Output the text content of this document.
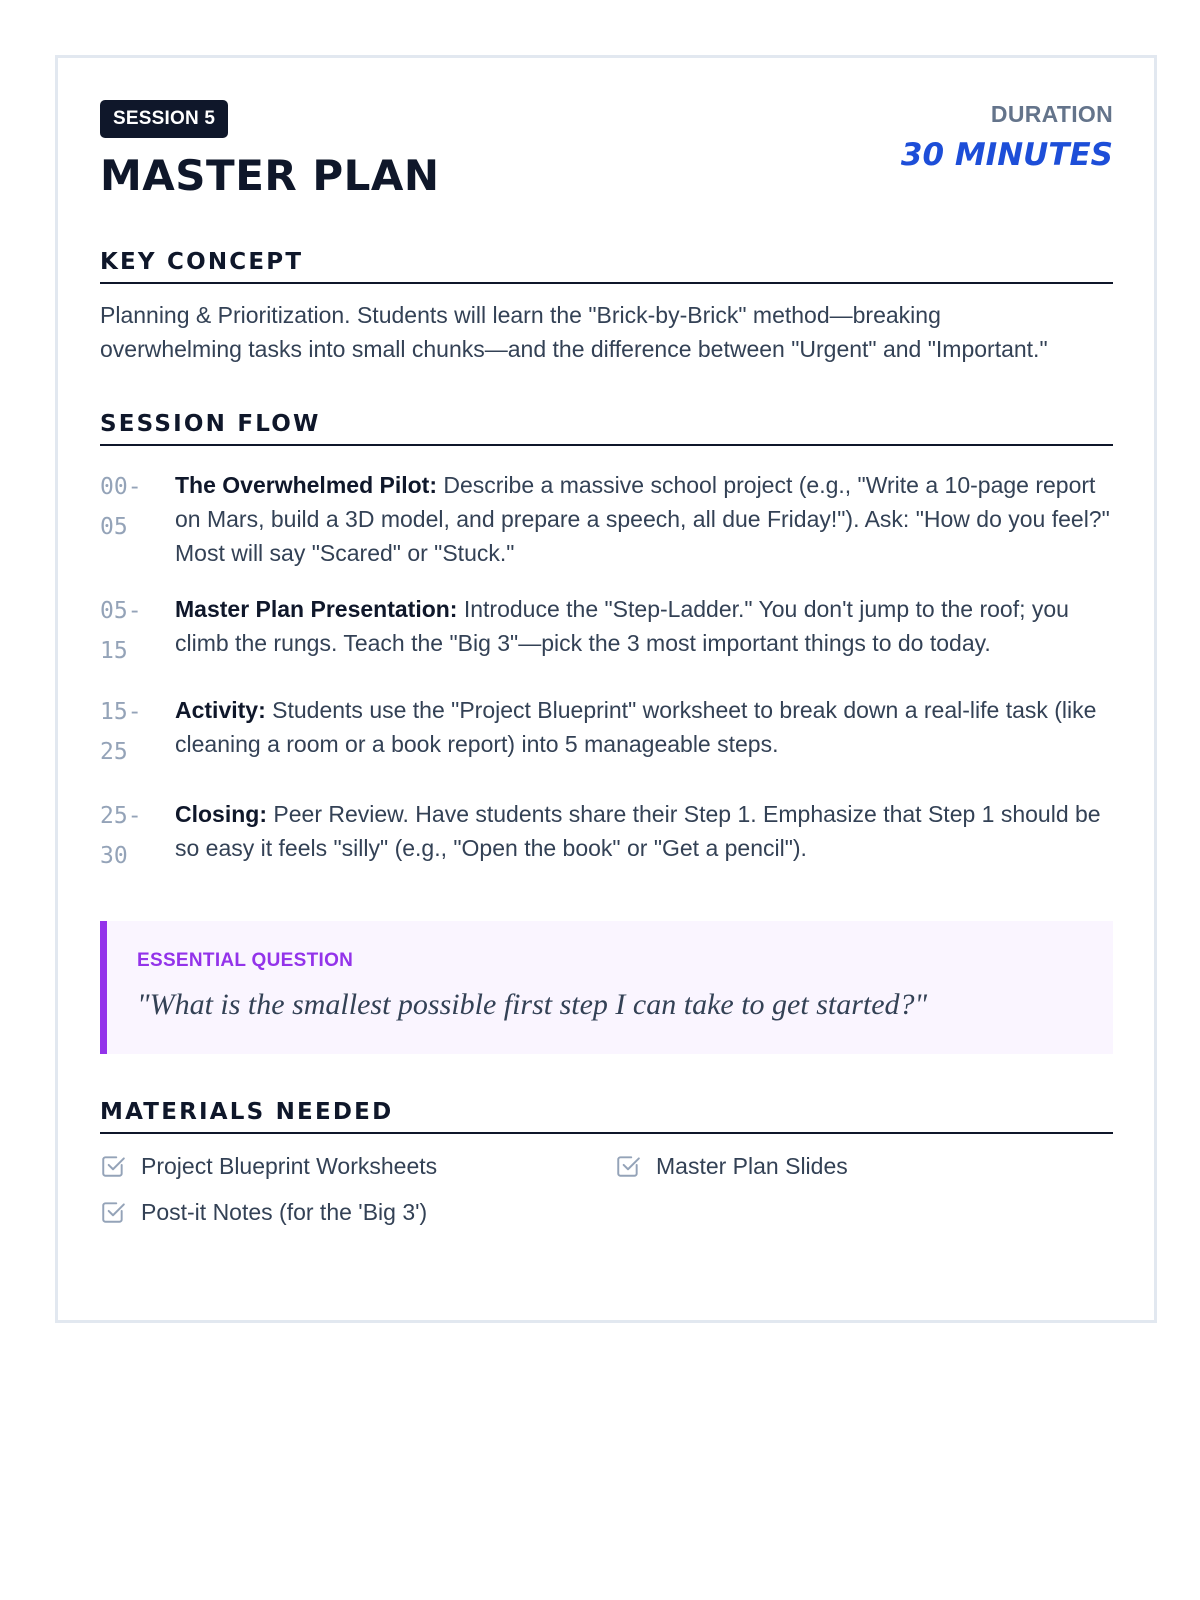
SESSION 5
MASTER PLAN
DURATION
30 MINUTES
KEY CONCEPT
Planning & Prioritization. Students will learn the "Brick-by-Brick" method—breaking overwhelming tasks into small chunks—and the difference between "Urgent" and "Important."
SESSION FLOW
00-
05
The Overwhelmed Pilot: Describe a massive school project (e.g., "Write a 10-page report on Mars, build a 3D model, and prepare a speech, all due Friday!"). Ask: "How do you feel?" Most will say "Scared" or "Stuck."
05-
15
Master Plan Presentation: Introduce the "Step-Ladder." You don't jump to the roof; you climb the rungs. Teach the "Big 3"—pick the 3 most important things to do today.
15-
25
Activity: Students use the "Project Blueprint" worksheet to break down a real-life task (like cleaning a room or a book report) into 5 manageable steps.
25-
30
Closing: Peer Review. Have students share their Step 1. Emphasize that Step 1 should be so easy it feels "silly" (e.g., "Open the book" or "Get a pencil").
ESSENTIAL QUESTION
"What is the smallest possible first step I can take to get started?"
MATERIALS NEEDED
Project Blueprint Worksheets	Master Plan Slides
Post-it Notes (for the 'Big 3')
